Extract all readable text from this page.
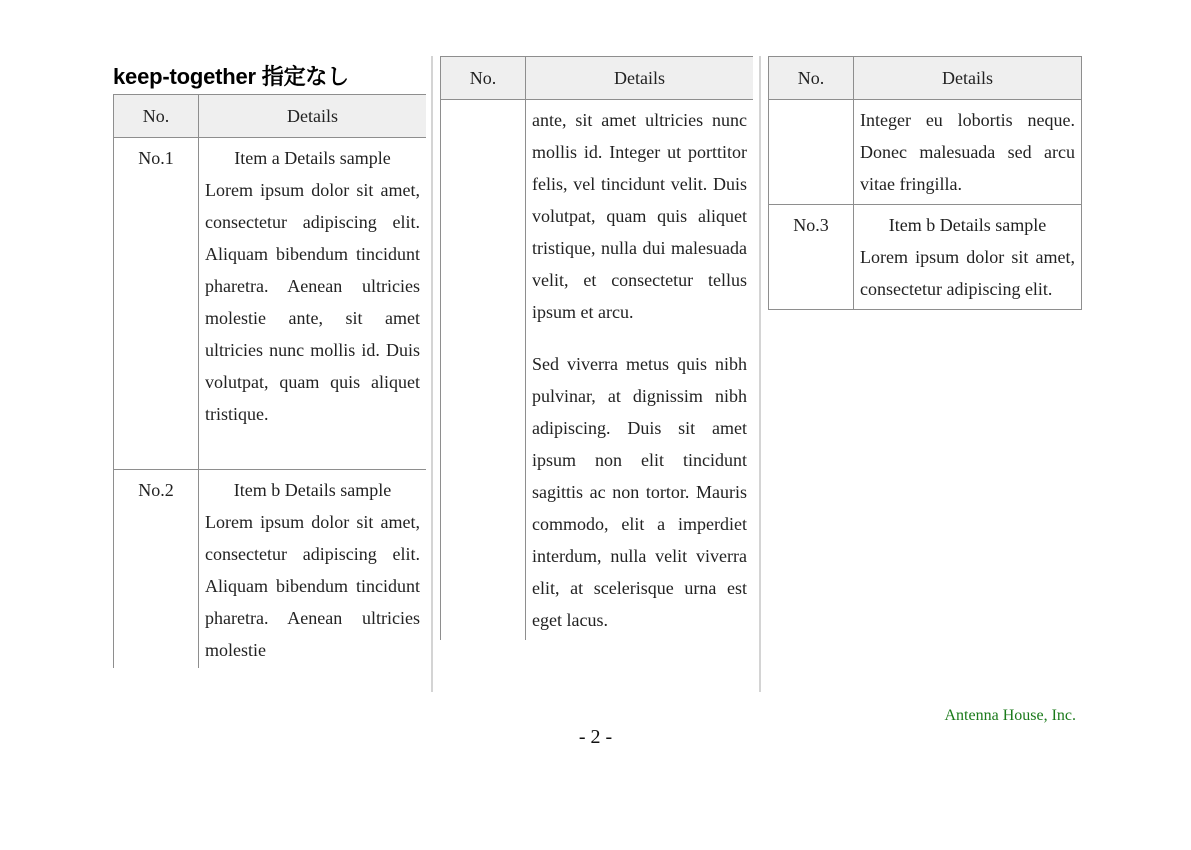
keep-together 指定なし
No.	Details
No.1	Item a Details sample
Lorem ipsum dolor sit amet, consectetur adipiscing elit. Aliquam bibendum tincidunt pharetra. Aenean ultricies molestie ante, sit amet ultricies nunc mollis id. Duis volutpat, quam quis aliquet tristique.

No.2	Item b Details sample
Lorem ipsum dolor sit amet, consectetur adipiscing elit. Aliquam bibendum tincidunt pharetra. Aenean ultricies molestie
No.	Details

	ante, sit amet ultricies nunc mollis id. Integer ut porttitor felis, vel tincidunt velit. Duis volutpat, quam quis aliquet tristique, nulla dui malesuada velit, et consectetur tellus ipsum et arcu.
Sed viverra metus quis nibh pulvinar, at dignissim nibh adipiscing. Duis sit amet ipsum non elit tincidunt sagittis ac non tortor. Mauris commodo, elit a imperdiet interdum, nulla velit viverra elit, at scelerisque urna est eget lacus.
No.	Details

	Integer eu lobortis neque. Donec malesuada sed arcu vitae fringilla.

No.3	Item b Details sample
Lorem ipsum dolor sit amet, consectetur adipiscing elit.
Antenna House, Inc.
- 2 -
